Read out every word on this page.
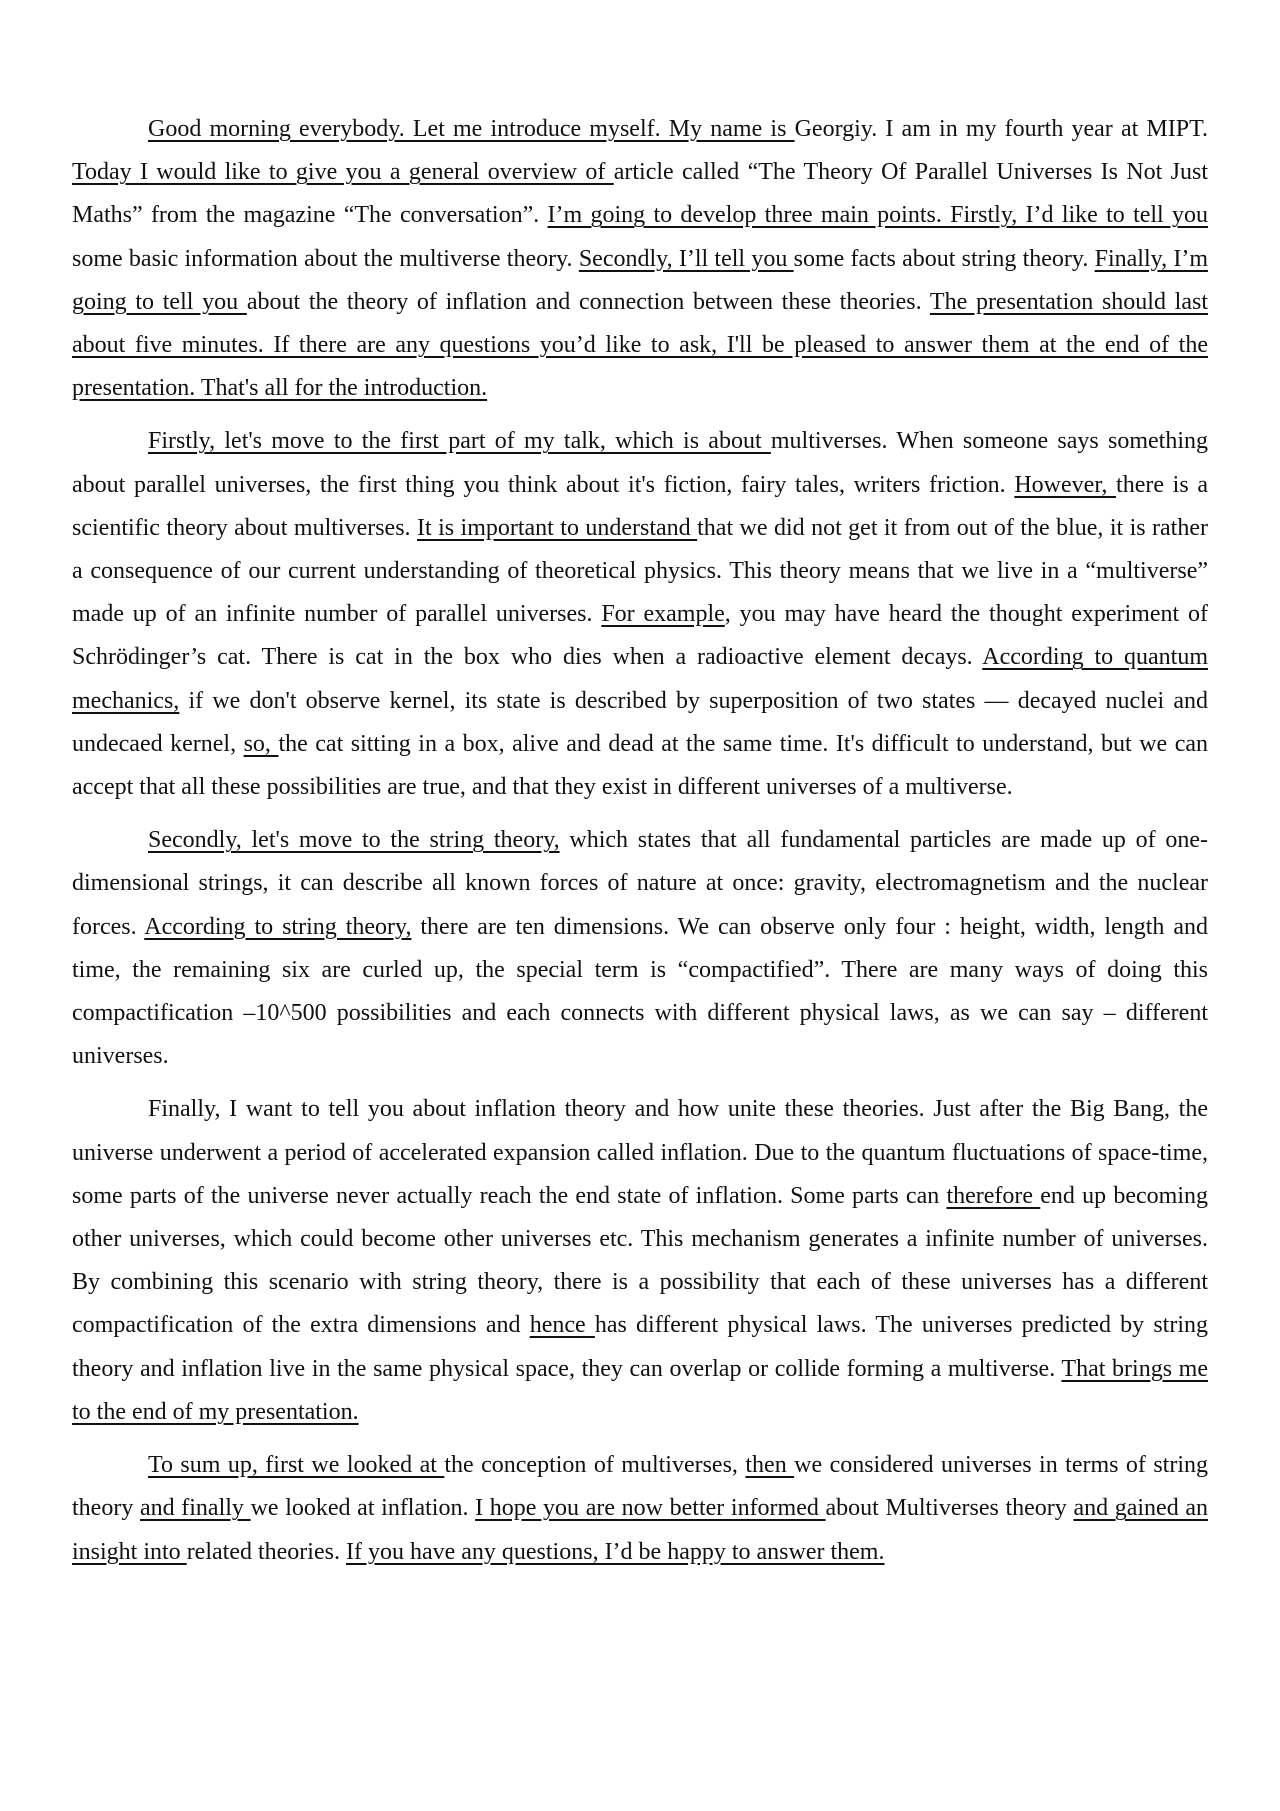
Good morning everybody. Let me introduce myself. My name is Georgiy. I am in my fourth year at MIPT. Today I would like to give you a general overview of article called “The Theory Of Parallel Universes Is Not Just Maths” from the magazine “The conversation”. I’m going to develop three main points. Firstly, I’d like to tell you some basic information about the multiverse theory. Secondly, I’ll tell you some facts about string theory. Finally, I’m going to tell you about the theory of inflation and connection between these theories. The presentation should last about five minutes. If there are any questions you’d like to ask, I'll be pleased to answer them at the end of the presentation. That's all for the introduction.

Firstly, let's move to the first part of my talk, which is about multiverses. When someone says something about parallel universes, the first thing you think about it's fiction, fairy tales, writers friction. However, there is a scientific theory about multiverses. It is important to understand that we did not get it from out of the blue, it is rather a consequence of our current understanding of theoretical physics. This theory means that we live in a “multiverse” made up of an infinite number of parallel universes. For example, you may have heard the thought experiment of Schrödinger’s cat. There is cat in the box who dies when a radioactive element decays. According to quantum mechanics, if we don't observe kernel, its state is described by superposition of two states — decayed nuclei and undecaed kernel, so, the cat sitting in a box, alive and dead at the same time. It's difficult to understand, but we can accept that all these possibilities are true, and that they exist in different universes of a multiverse.

Secondly, let's move to the string theory, which states that all fundamental particles are made up of one-dimensional strings, it can describe all known forces of nature at once: gravity, electromagnetism and the nuclear forces. According to string theory, there are ten dimensions. We can observe only four : height, width, length and time, the remaining six are curled up, the special term is “compactified”. There are many ways of doing this compactification –10^500 possibilities and each connects with different physical laws, as we can say – different universes.

Finally, I want to tell you about inflation theory and how unite these theories. Just after the Big Bang, the universe underwent a period of accelerated expansion called inflation. Due to the quantum fluctuations of space-time, some parts of the universe never actually reach the end state of inflation. Some parts can therefore end up becoming other universes, which could become other universes etc. This mechanism generates a infinite number of universes. By combining this scenario with string theory, there is a possibility that each of these universes has a different compactification of the extra dimensions and hence has different physical laws. The universes predicted by string theory and inflation live in the same physical space, they can overlap or collide forming a multiverse. That brings me to the end of my presentation.

To sum up, first we looked at the conception of multiverses, then we considered universes in terms of string theory and finally we looked at inflation. I hope you are now better informed about Multiverses theory and gained an insight into related theories. If you have any questions, I’d be happy to answer them.
